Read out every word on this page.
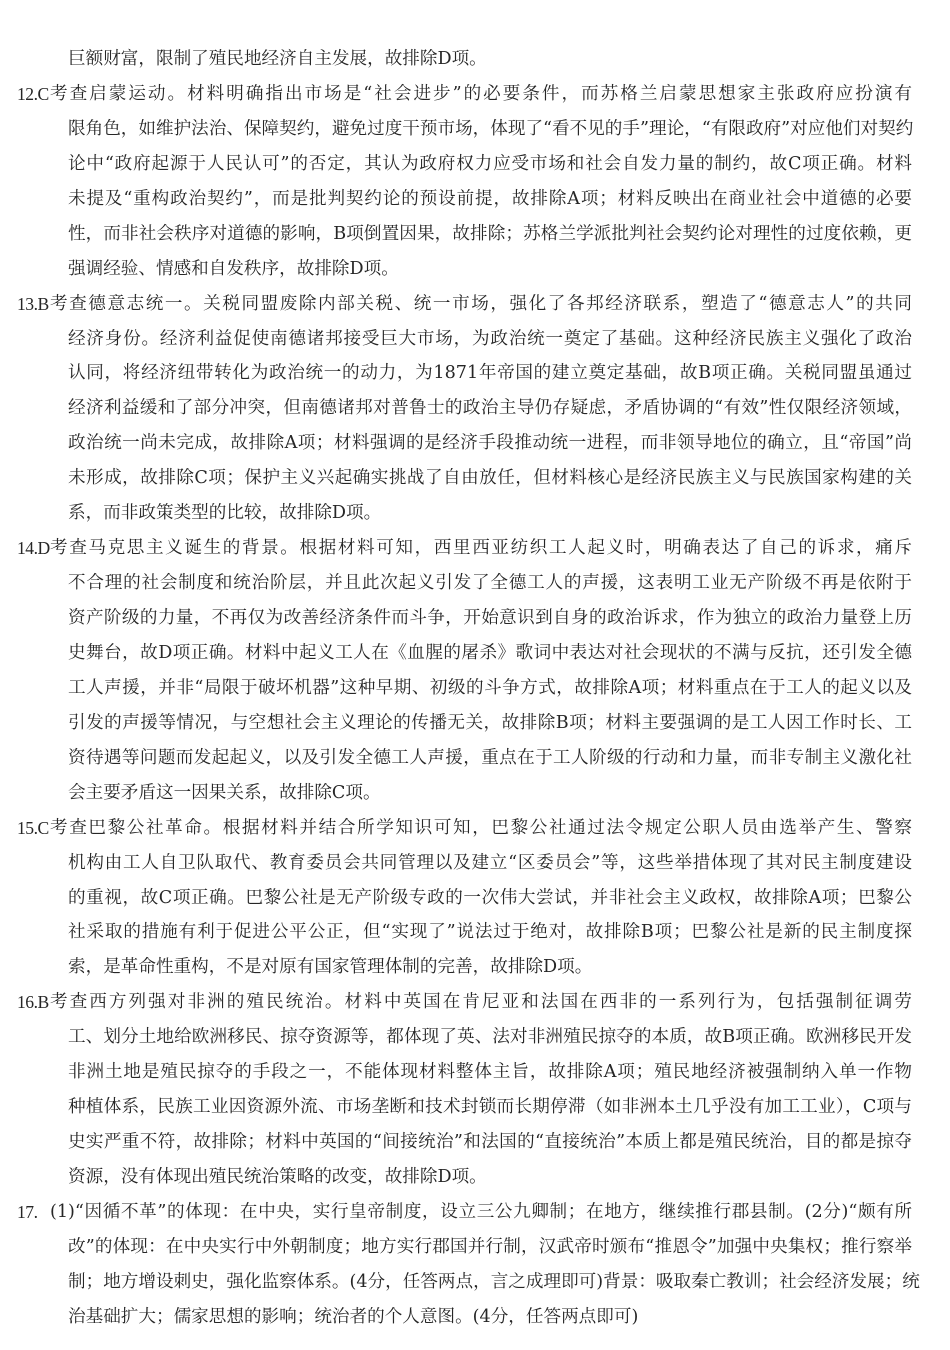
巨额财富，限制了殖民地经济自主发展，故排除D项。
12.C 考查启蒙运动。材料明确指出市场是“社会进步”的必要条件，而苏格兰启蒙思想家主张政府应扮演有
限角色，如维护法治、保障契约，避免过度干预市场，体现了“看不见的手”理论，“有限政府”对应他们对契约
论中“政府起源于人民认可”的否定，其认为政府权力应受市场和社会自发力量的制约，故C项正确。材料
未提及“重构政治契约”，而是批判契约论的预设前提，故排除A项；材料反映出在商业社会中道德的必要
性，而非社会秩序对道德的影响，B项倒置因果，故排除；苏格兰学派批判社会契约论对理性的过度依赖，更
强调经验、情感和自发秩序，故排除D项。
13.B 考查德意志统一。关税同盟废除内部关税、统一市场，强化了各邦经济联系，塑造了“德意志人”的共同
经济身份。经济利益促使南德诸邦接受巨大市场，为政治统一奠定了基础。这种经济民族主义强化了政治
认同，将经济纽带转化为政治统一的动力，为1871年帝国的建立奠定基础，故B项正确。关税同盟虽通过
经济利益缓和了部分冲突，但南德诸邦对普鲁士的政治主导仍存疑虑，矛盾协调的“有效”性仅限经济领域，
政治统一尚未完成，故排除A项；材料强调的是经济手段推动统一进程，而非领导地位的确立，且“帝国”尚
未形成，故排除C项；保护主义兴起确实挑战了自由放任，但材料核心是经济民族主义与民族国家构建的关
系，而非政策类型的比较，故排除D项。
14.D 考查马克思主义诞生的背景。根据材料可知，西里西亚纺织工人起义时，明确表达了自己的诉求，痛斥
不合理的社会制度和统治阶层，并且此次起义引发了全德工人的声援，这表明工业无产阶级不再是依附于
资产阶级的力量，不再仅为改善经济条件而斗争，开始意识到自身的政治诉求，作为独立的政治力量登上历
史舞台，故D项正确。材料中起义工人在《血腥的屠杀》歌词中表达对社会现状的不满与反抗，还引发全德
工人声援，并非“局限于破坏机器”这种早期、初级的斗争方式，故排除A项；材料重点在于工人的起义以及
引发的声援等情况，与空想社会主义理论的传播无关，故排除B项；材料主要强调的是工人因工作时长、工
资待遇等问题而发起起义，以及引发全德工人声援，重点在于工人阶级的行动和力量，而非专制主义激化社
会主要矛盾这一因果关系，故排除C项。
15.C 考查巴黎公社革命。根据材料并结合所学知识可知，巴黎公社通过法令规定公职人员由选举产生、警察
机构由工人自卫队取代、教育委员会共同管理以及建立“区委员会”等，这些举措体现了其对民主制度建设
的重视，故C项正确。巴黎公社是无产阶级专政的一次伟大尝试，并非社会主义政权，故排除A项；巴黎公
社采取的措施有利于促进公平公正，但“实现了”说法过于绝对，故排除B项；巴黎公社是新的民主制度探
索，是革命性重构，不是对原有国家管理体制的完善，故排除D项。
16.B 考查西方列强对非洲的殖民统治。材料中英国在肯尼亚和法国在西非的一系列行为，包括强制征调劳
工、划分土地给欧洲移民、掠夺资源等，都体现了英、法对非洲殖民掠夺的本质，故B项正确。欧洲移民开发
非洲土地是殖民掠夺的手段之一，不能体现材料整体主旨，故排除A项；殖民地经济被强制纳入单一作物
种植体系，民族工业因资源外流、市场垄断和技术封锁而长期停滞（如非洲本土几乎没有加工工业），C项与
史实严重不符，故排除；材料中英国的“间接统治”和法国的“直接统治”本质上都是殖民统治，目的都是掠夺
资源，没有体现出殖民统治策略的改变，故排除D项。
17. (1)“因循不革”的体现：在中央，实行皇帝制度，设立三公九卿制；在地方，继续推行郡县制。(2分)“颇有所
改”的体现：在中央实行中外朝制度；地方实行郡国并行制，汉武帝时颁布“推恩令”加强中央集权；推行察举
制；地方增设刺史，强化监察体系。(4分，任答两点，言之成理即可)背景：吸取秦亡教训；社会经济发展；统
治基础扩大；儒家思想的影响；统治者的个人意图。(4分，任答两点即可)
